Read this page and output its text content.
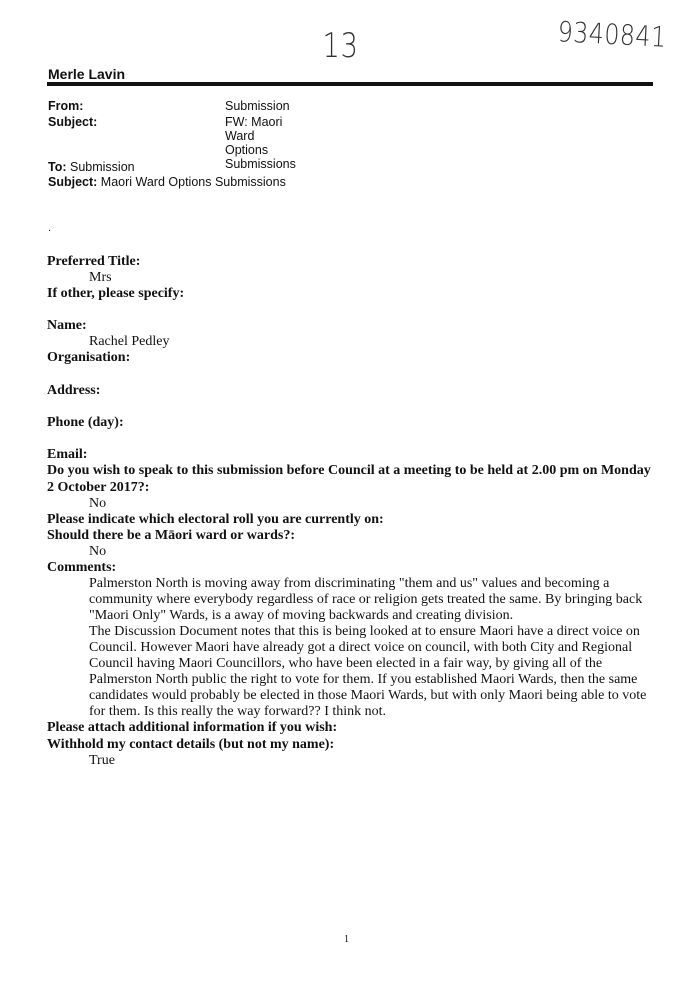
13	9340841
Merle Lavin
From:	Submission
Subject:	FW: Maori Ward Options Submissions
To: Submission
Subject: Maori Ward Options Submissions
.
Preferred Title:
Mrs
If other, please specify:
Name:
Rachel Pedley
Organisation:
Address:
Phone (day):
Email:
Do you wish to speak to this submission before Council at a meeting to be held at 2.00 pm on Monday 2 October 2017?:
No
Please indicate which electoral roll you are currently on:
Should there be a Māori ward or wards?:
No
Comments:
Palmerston North is moving away from discriminating "them and us" values and becoming a community where everybody regardless of race or religion gets treated the same. By bringing back "Maori Only" Wards, is a away of moving backwards and creating division.
The Discussion Document notes that this is being looked at to ensure Maori have a direct voice on Council. However Maori have already got a direct voice on council, with both City and Regional Council having Maori Councillors, who have been elected in a fair way, by giving all of the Palmerston North public the right to vote for them. If you established Maori Wards, then the same candidates would probably be elected in those Maori Wards, but with only Maori being able to vote for them. Is this really the way forward?? I think not.
Please attach additional information if you wish:
Withhold my contact details (but not my name):
True
1
